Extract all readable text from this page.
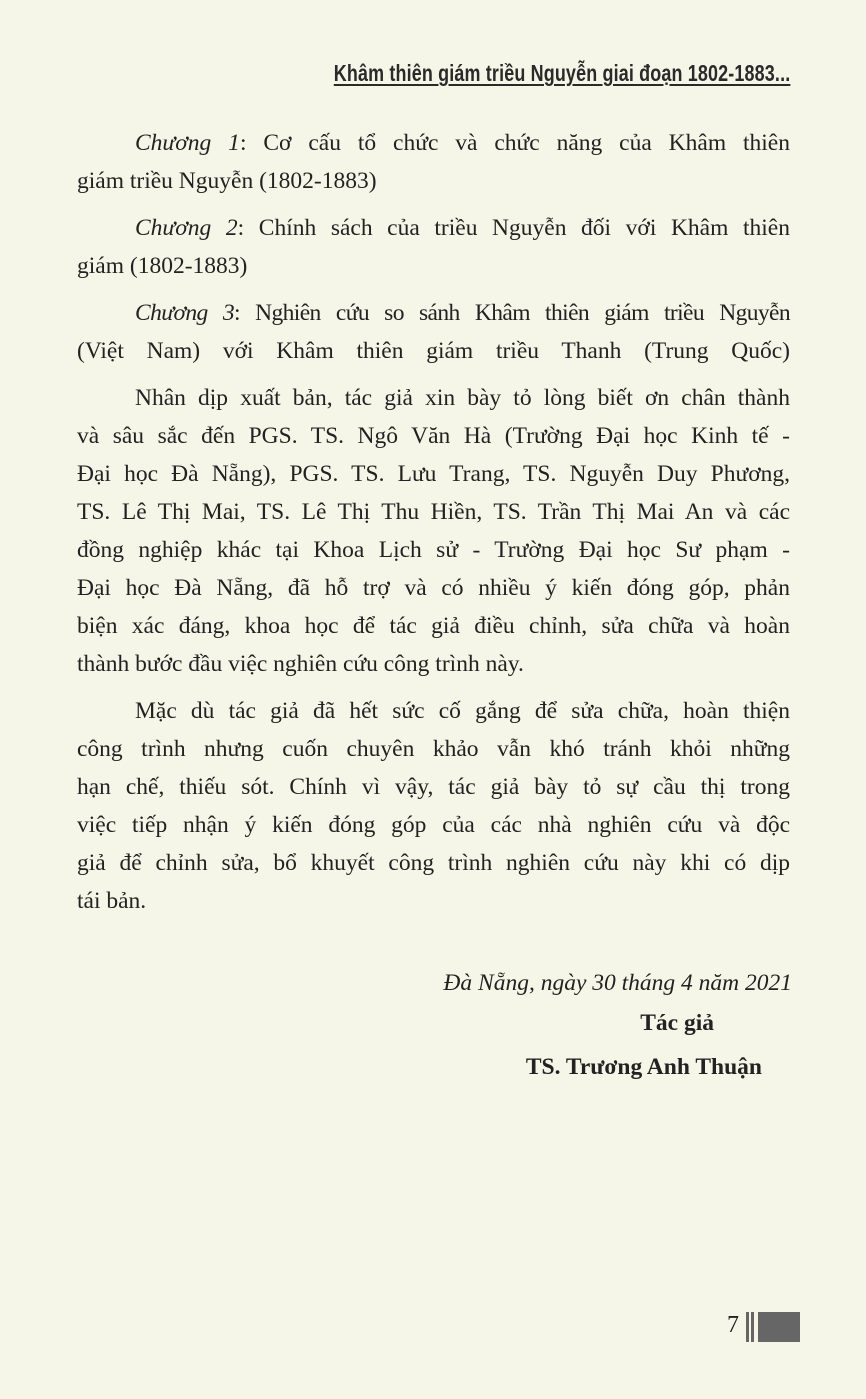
Khâm thiên giám triều Nguyễn giai đoạn 1802-1883...
Chương 1: Cơ cấu tổ chức và chức năng của Khâm thiên
giám triều Nguyễn (1802-1883)
Chương 2: Chính sách của triều Nguyễn đối với Khâm thiên
giám (1802-1883)
Chương 3: Nghiên cứu so sánh Khâm thiên giám triều Nguyễn
(Việt Nam) với Khâm thiên giám triều Thanh (Trung Quốc)
Nhân dịp xuất bản, tác giả xin bày tỏ lòng biết ơn chân thành
và sâu sắc đến PGS. TS. Ngô Văn Hà (Trường Đại học Kinh tế -
Đại học Đà Nẵng), PGS. TS. Lưu Trang, TS. Nguyễn Duy Phương,
TS. Lê Thị Mai, TS. Lê Thị Thu Hiền, TS. Trần Thị Mai An và các
đồng nghiệp khác tại Khoa Lịch sử - Trường Đại học Sư phạm -
Đại học Đà Nẵng, đã hỗ trợ và có nhiều ý kiến đóng góp, phản
biện xác đáng, khoa học để tác giả điều chỉnh, sửa chữa và hoàn
thành bước đầu việc nghiên cứu công trình này.
Mặc dù tác giả đã hết sức cố gắng để sửa chữa, hoàn thiện
công trình nhưng cuốn chuyên khảo vẫn khó tránh khỏi những
hạn chế, thiếu sót. Chính vì vậy, tác giả bày tỏ sự cầu thị trong
việc tiếp nhận ý kiến đóng góp của các nhà nghiên cứu và độc
giả để chỉnh sửa, bổ khuyết công trình nghiên cứu này khi có dịp
tái bản.
Đà Nẵng, ngày 30 tháng 4 năm 2021
Tác giả
TS. Trương Anh Thuận
7
